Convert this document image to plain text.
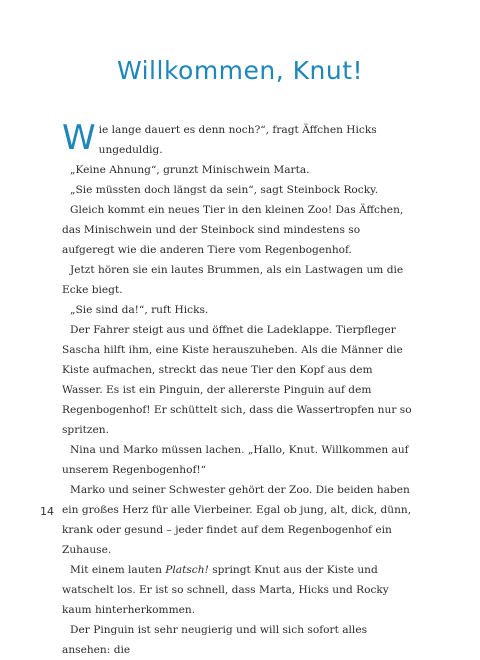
Willkommen, Knut!

Wie lange dauert es denn noch?“, fragt Äffchen Hicks ungeduldig.

„Keine Ahnung“, grunzt Minischwein Marta.

„Sie müssten doch längst da sein“, sagt Steinbock Rocky.

Gleich kommt ein neues Tier in den kleinen Zoo! Das Äffchen, das Minischwein und der Steinbock sind mindestens so aufgeregt wie die anderen Tiere vom Regenbogenhof.

Jetzt hören sie ein lautes Brummen, als ein Lastwagen um die Ecke biegt.

„Sie sind da!“, ruft Hicks.

Der Fahrer steigt aus und öffnet die Ladeklappe. Tierpfleger Sascha hilft ihm, eine Kiste herauszuheben. Als die Männer die Kiste aufmachen, streckt das neue Tier den Kopf aus dem Wasser. Es ist ein Pinguin, der allererste Pinguin auf dem Regenbogenhof! Er schüttelt sich, dass die Wassertropfen nur so spritzen.

Nina und Marko müssen lachen. „Hallo, Knut. Willkommen auf unserem Regenbogenhof!“

Marko und seiner Schwester gehört der Zoo. Die beiden haben ein großes Herz für alle Vierbeiner. Egal ob jung, alt, dick, dünn, krank oder gesund – jeder findet auf dem Regenbogenhof ein Zuhause.

Mit einem lauten Platsch! springt Knut aus der Kiste und watschelt los. Er ist so schnell, dass Marta, Hicks und Rocky kaum hinterherkommen.

Der Pinguin ist sehr neugierig und will sich sofort alles ansehen: die

14
